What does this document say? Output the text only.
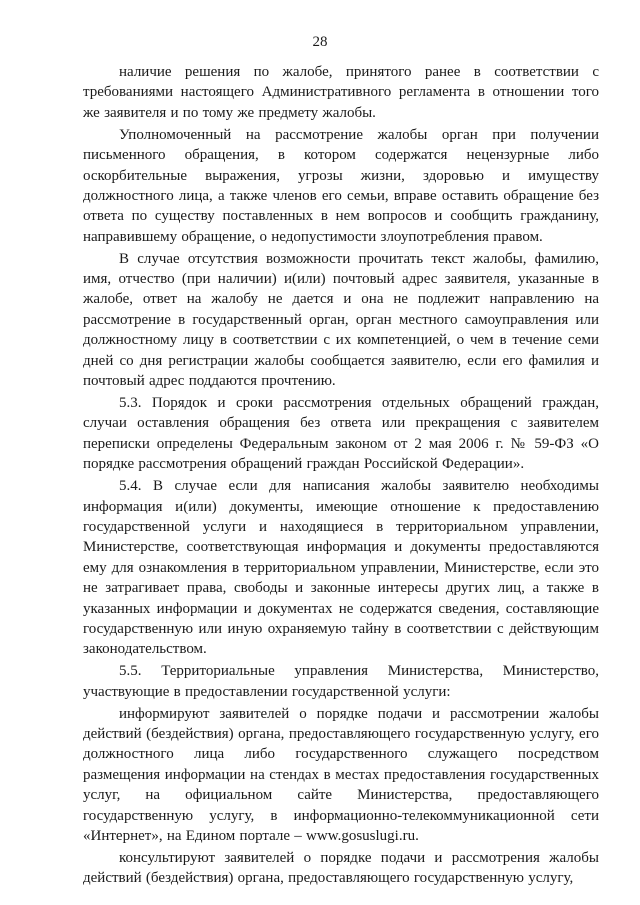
28

наличие решения по жалобе, принятого ранее в соответствии с требованиями настоящего Административного регламента в отношении того же заявителя и по тому же предмету жалобы.

Уполномоченный на рассмотрение жалобы орган при получении письменного обращения, в котором содержатся нецензурные либо оскорбительные выражения, угрозы жизни, здоровью и имуществу должностного лица, а также членов его семьи, вправе оставить обращение без ответа по существу поставленных в нем вопросов и сообщить гражданину, направившему обращение, о недопустимости злоупотребления правом.

В случае отсутствия возможности прочитать текст жалобы, фамилию, имя, отчество (при наличии) и(или) почтовый адрес заявителя, указанные в жалобе, ответ на жалобу не дается и она не подлежит направлению на рассмотрение в государственный орган, орган местного самоуправления или должностному лицу в соответствии с их компетенцией, о чем в течение семи дней со дня регистрации жалобы сообщается заявителю, если его фамилия и почтовый адрес поддаются прочтению.

5.3. Порядок и сроки рассмотрения отдельных обращений граждан, случаи оставления обращения без ответа или прекращения с заявителем переписки определены Федеральным законом от 2 мая 2006 г. № 59-ФЗ «О порядке рассмотрения обращений граждан Российской Федерации».

5.4. В случае если для написания жалобы заявителю необходимы информация и(или) документы, имеющие отношение к предоставлению государственной услуги и находящиеся в территориальном управлении, Министерстве, соответствующая информация и документы предоставляются ему для ознакомления в территориальном управлении, Министерстве, если это не затрагивает права, свободы и законные интересы других лиц, а также в указанных информации и документах не содержатся сведения, составляющие государственную или иную охраняемую тайну в соответствии с действующим законодательством.

5.5. Территориальные управления Министерства, Министерство, участвующие в предоставлении государственной услуги:

информируют заявителей о порядке подачи и рассмотрении жалобы действий (бездействия) органа, предоставляющего государственную услугу, его должностного лица либо государственного служащего посредством размещения информации на стендах в местах предоставления государственных услуг, на официальном сайте Министерства, предоставляющего государственную услугу, в информационно-телекоммуникационной сети «Интернет», на Едином портале – www.gosuslugi.ru.

консультируют заявителей о порядке подачи и рассмотрения жалобы действий (бездействия) органа, предоставляющего государственную услугу,
